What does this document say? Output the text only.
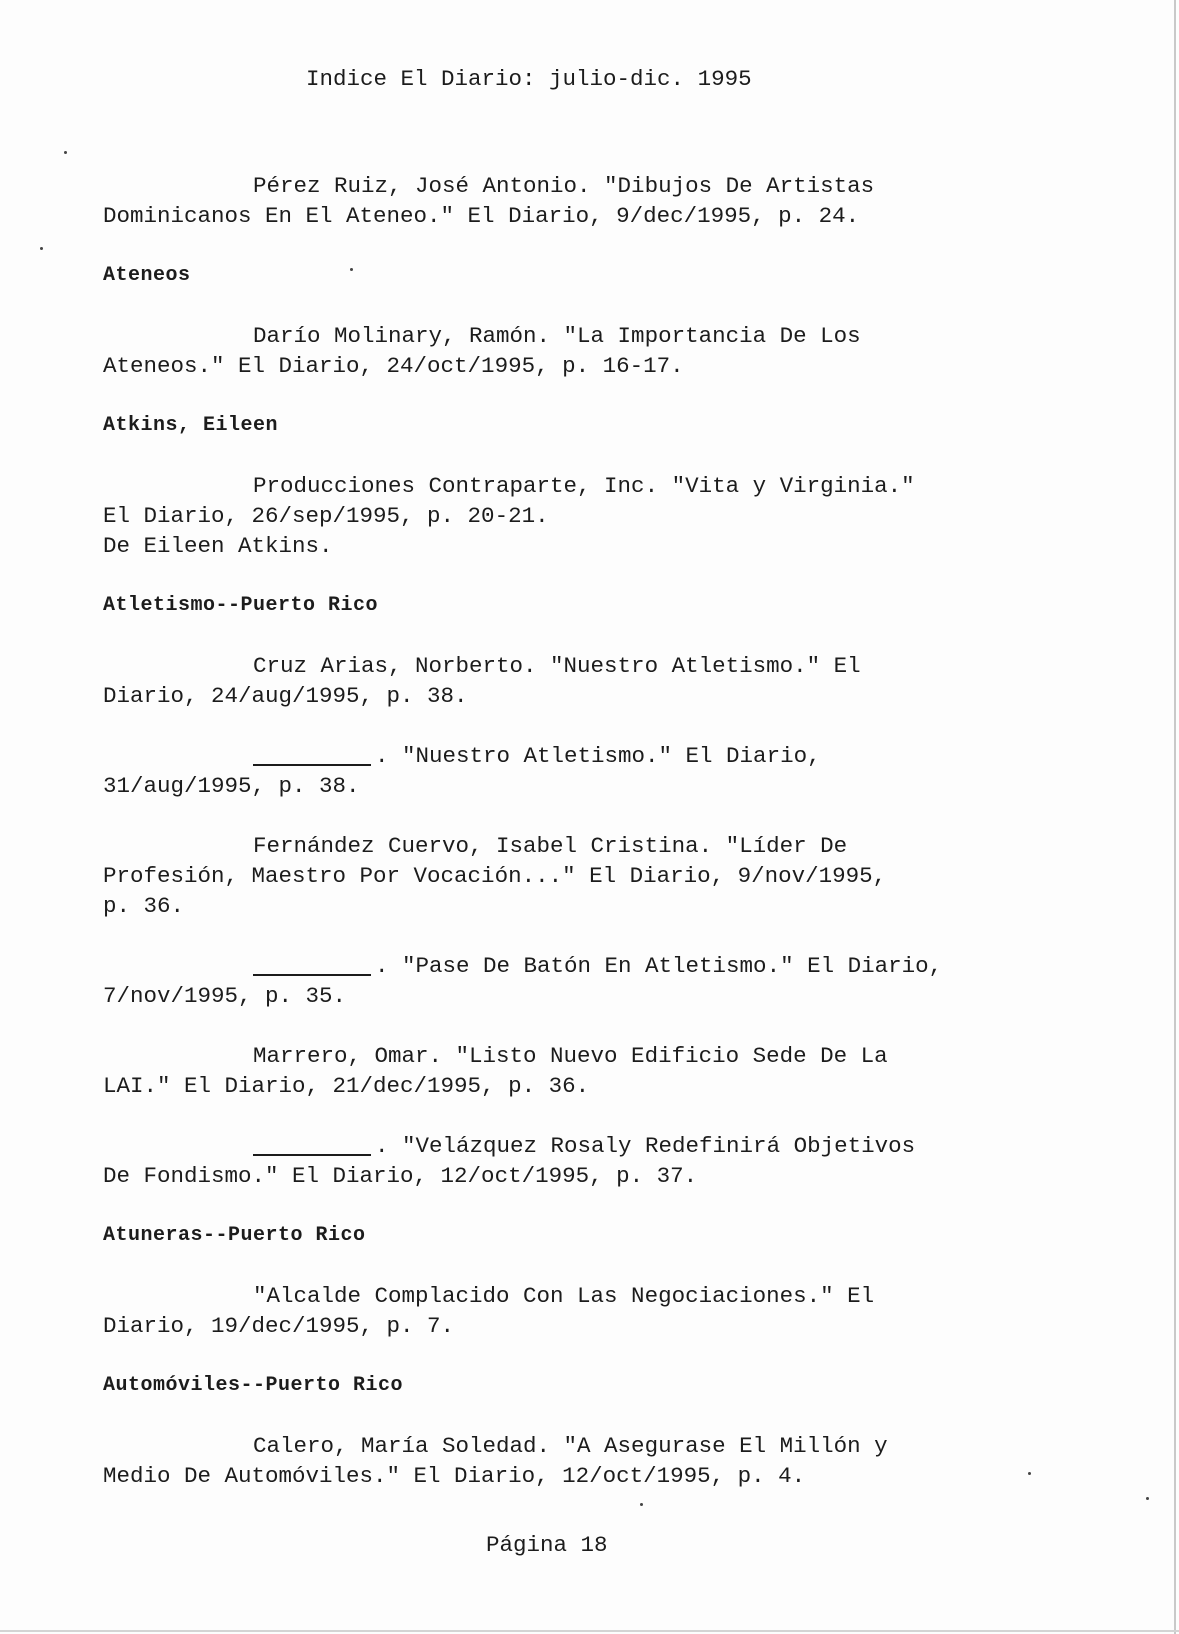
Indice El Diario: julio-dic. 1995
Pérez Ruiz, José Antonio. "Dibujos De Artistas
Dominicanos En El Ateneo." El Diario, 9/dec/1995, p. 24.
Ateneos
Darío Molinary, Ramón. "La Importancia De Los
Ateneos." El Diario, 24/oct/1995, p. 16-17.
Atkins, Eileen
Producciones Contraparte, Inc. "Vita y Virginia."
El Diario, 26/sep/1995, p. 20-21.
De Eileen Atkins.
Atletismo--Puerto Rico
Cruz Arias, Norberto. "Nuestro Atletismo." El
Diario, 24/aug/1995, p. 38.
. "Nuestro Atletismo." El Diario,
31/aug/1995, p. 38.
Fernández Cuervo, Isabel Cristina. "Líder De
Profesión, Maestro Por Vocación..." El Diario, 9/nov/1995,
p. 36.
. "Pase De Batón En Atletismo." El Diario,
7/nov/1995, p. 35.
Marrero, Omar. "Listo Nuevo Edificio Sede De La
LAI." El Diario, 21/dec/1995, p. 36.
. "Velázquez Rosaly Redefinirá Objetivos
De Fondismo." El Diario, 12/oct/1995, p. 37.
Atuneras--Puerto Rico
"Alcalde Complacido Con Las Negociaciones." El
Diario, 19/dec/1995, p. 7.
Automóviles--Puerto Rico
Calero, María Soledad. "A Asegurase El Millón y
Medio De Automóviles." El Diario, 12/oct/1995, p. 4.
Página 18
